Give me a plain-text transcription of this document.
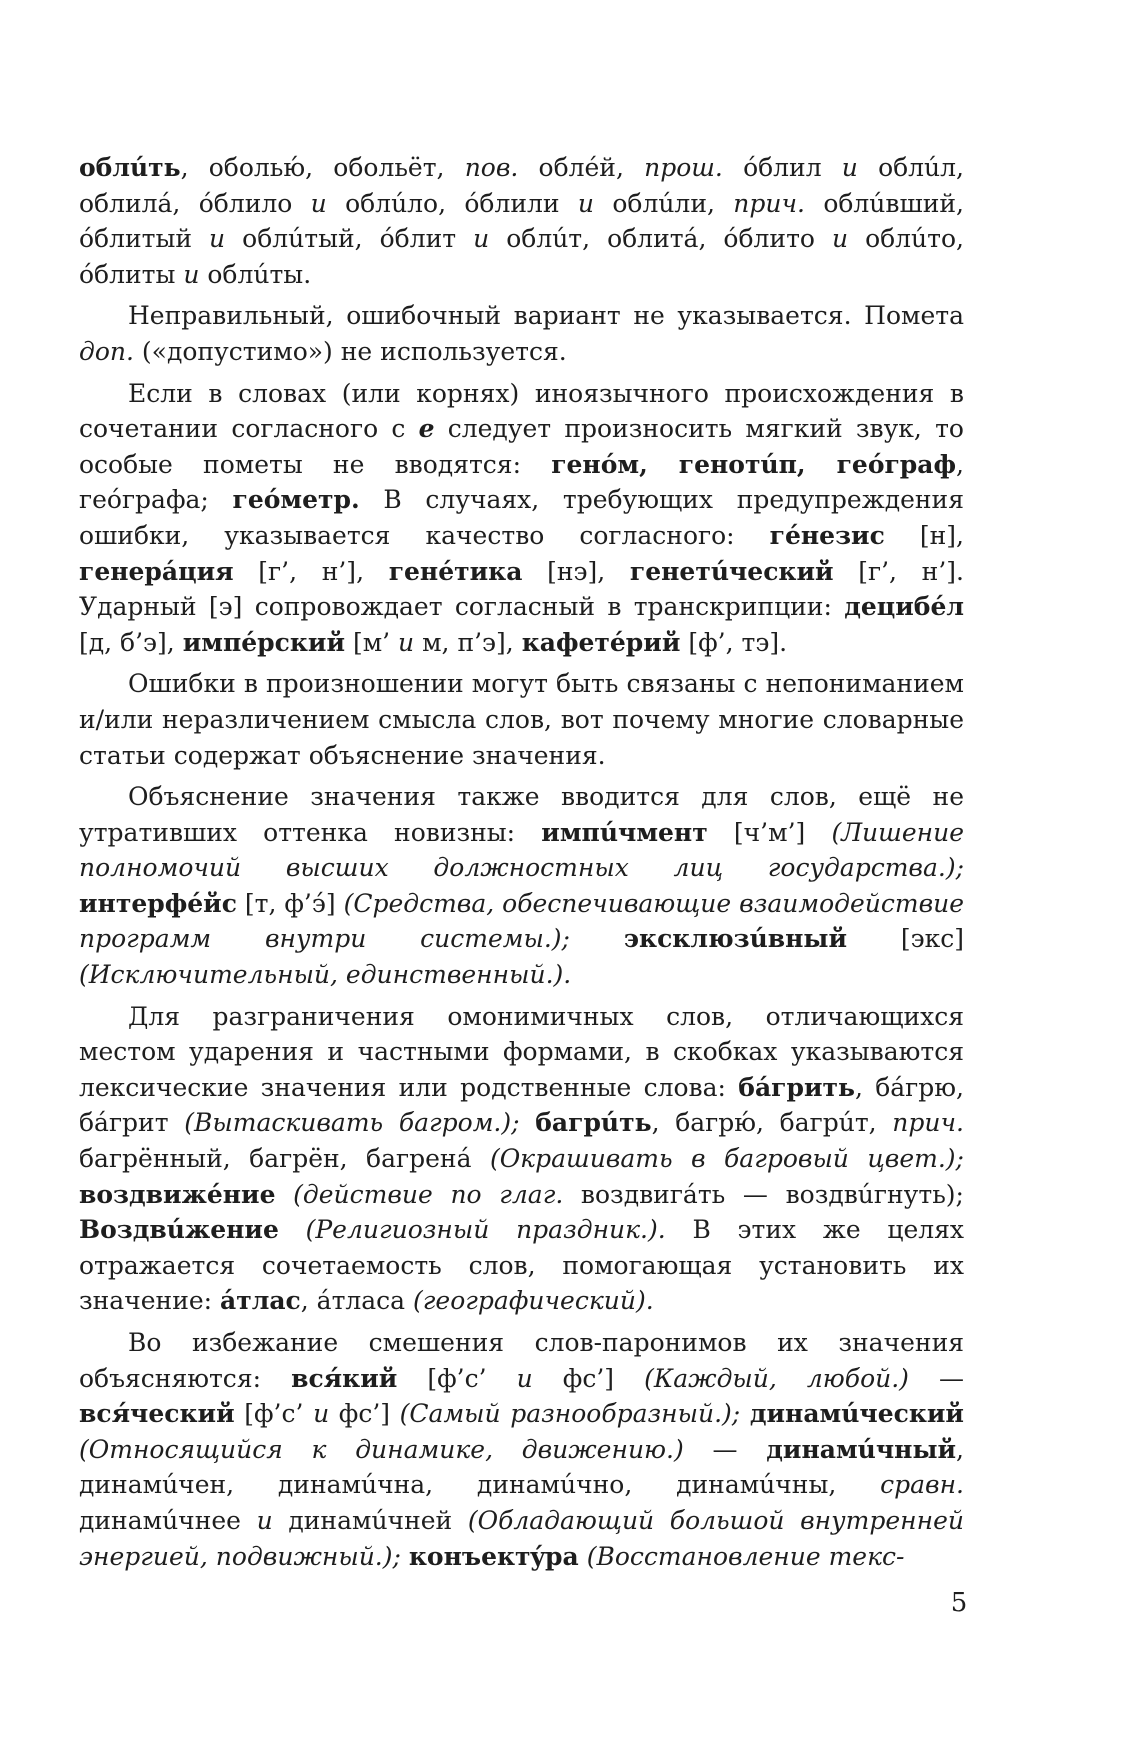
облúть, оболью́, обольёт, пов. облéй, прош. óблил и облúл, облилá, óблило и облúло, óблили и облúли, прич. облúвший, óблитый и облúтый, óблит и облúт, облитá, óблито и облúто, óблиты и облúты.

Неправильный, ошибочный вариант не указывается. Помета доп. («допустимо») не используется.

Если в словах (или корнях) иноязычного происхождения в сочетании согласного с е следует произносить мягкий звук, то особые пометы не вводятся: генóм, генотúп, геóграф, геóграфа; геóметр. В случаях, требующих предупреждения ошибки, указывается качество согласного: гéнезис [н], генерáция [г’, н’], генéтика [нэ], генетúческий [г’, н’]. Ударный [э] сопровождает согласный в транскрипции: децибéл [д, б’э], импéрский [м’ и м, п’э], кафетéрий [ф’, тэ].

Ошибки в произношении могут быть связаны с непониманием и/или неразличением смысла слов, вот почему многие словарные статьи содержат объяснение значения.

Объяснение значения также вводится для слов, ещё не утративших оттенка новизны: импúчмент [ч’м’] (Лишение полномочий высших должностных лиц государства.); интерфéйс [т, ф’э́] (Средства, обеспечивающие взаимодействие программ внутри системы.); эксклюзúвный [экс] (Исключительный, единственный.).

Для разграничения омонимичных слов, отличающихся местом ударения и частными формами, в скобках указываются лексические значения или родственные слова: бáгрить, бáгрю, бáгрит (Вытаскивать багром.); багрúть, багрю́, багрúт, прич. багрённый, багрён, багренá (Окрашивать в багровый цвет.); воздвижéние (действие по глаг. воздвигáть — воздвúгнуть); Воздвúжение (Религиозный праздник.). В этих же целях отражается сочетаемость слов, помогающая установить их значение: áтлас, áтласа (географический).

Во избежание смешения слов-паронимов их значения объясняются: вся́кий [ф’с’ и фс’] (Каждый, любой.) — вся́ческий [ф’с’ и фс’] (Самый разнообразный.); динамúческий (Относящийся к динамике, движению.) — динамúчный, динамúчен, динамúчна, динамúчно, динамúчны, сравн. динамúчнее и динамúчней (Обладающий большой внутренней энергией, подвижный.); конъектýра (Восстановление текс-

5
